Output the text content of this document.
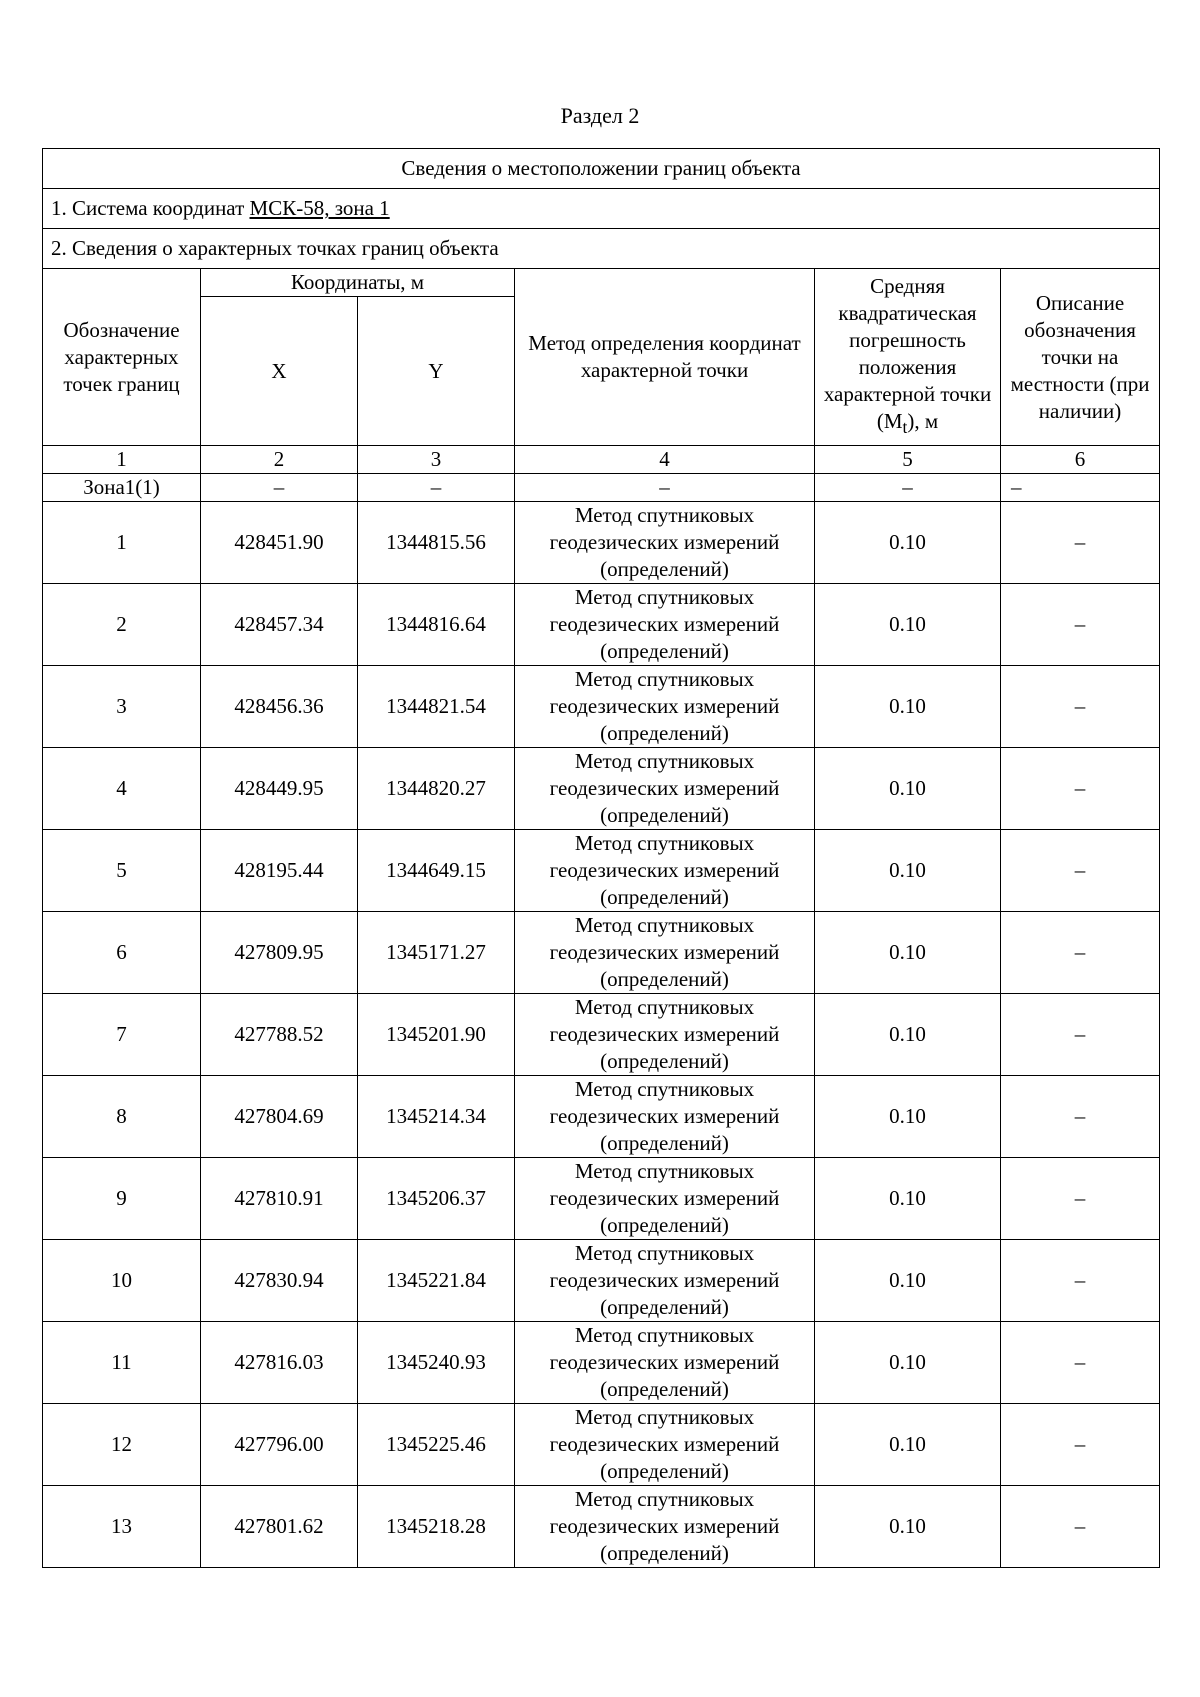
Раздел 2
Сведения о местоположении границ объекта					
1. Система координат МСК-58, зона 1					
2. Сведения о характерных точках границ объекта					
Обозначение характерных точек границ	Координаты, м		Метод определения координат характерной точки	Средняя квадратическая погрешность положения характерной точки $(M_t)$, м	Описание обозначения точки на местности (при наличии)
	X	Y			
1	2	3	4	5	6
Зона1(1)	–	–	–	–	–
1	428451.90	1344815.56	Метод спутниковых геодезических измерений (определений)	0.10	–
2	428457.34	1344816.64	Метод спутниковых геодезических измерений (определений)	0.10	–
3	428456.36	1344821.54	Метод спутниковых геодезических измерений (определений)	0.10	–
4	428449.95	1344820.27	Метод спутниковых геодезических измерений (определений)	0.10	–
5	428195.44	1344649.15	Метод спутниковых геодезических измерений (определений)	0.10	–
6	427809.95	1345171.27	Метод спутниковых геодезических измерений (определений)	0.10	–
7	427788.52	1345201.90	Метод спутниковых геодезических измерений (определений)	0.10	–
8	427804.69	1345214.34	Метод спутниковых геодезических измерений (определений)	0.10	–
9	427810.91	1345206.37	Метод спутниковых геодезических измерений (определений)	0.10	–
10	427830.94	1345221.84	Метод спутниковых геодезических измерений (определений)	0.10	–
11	427816.03	1345240.93	Метод спутниковых геодезических измерений (определений)	0.10	–
12	427796.00	1345225.46	Метод спутниковых геодезических измерений (определений)	0.10	–
13	427801.62	1345218.28	Метод спутниковых геодезических измерений (определений)	0.10	–
